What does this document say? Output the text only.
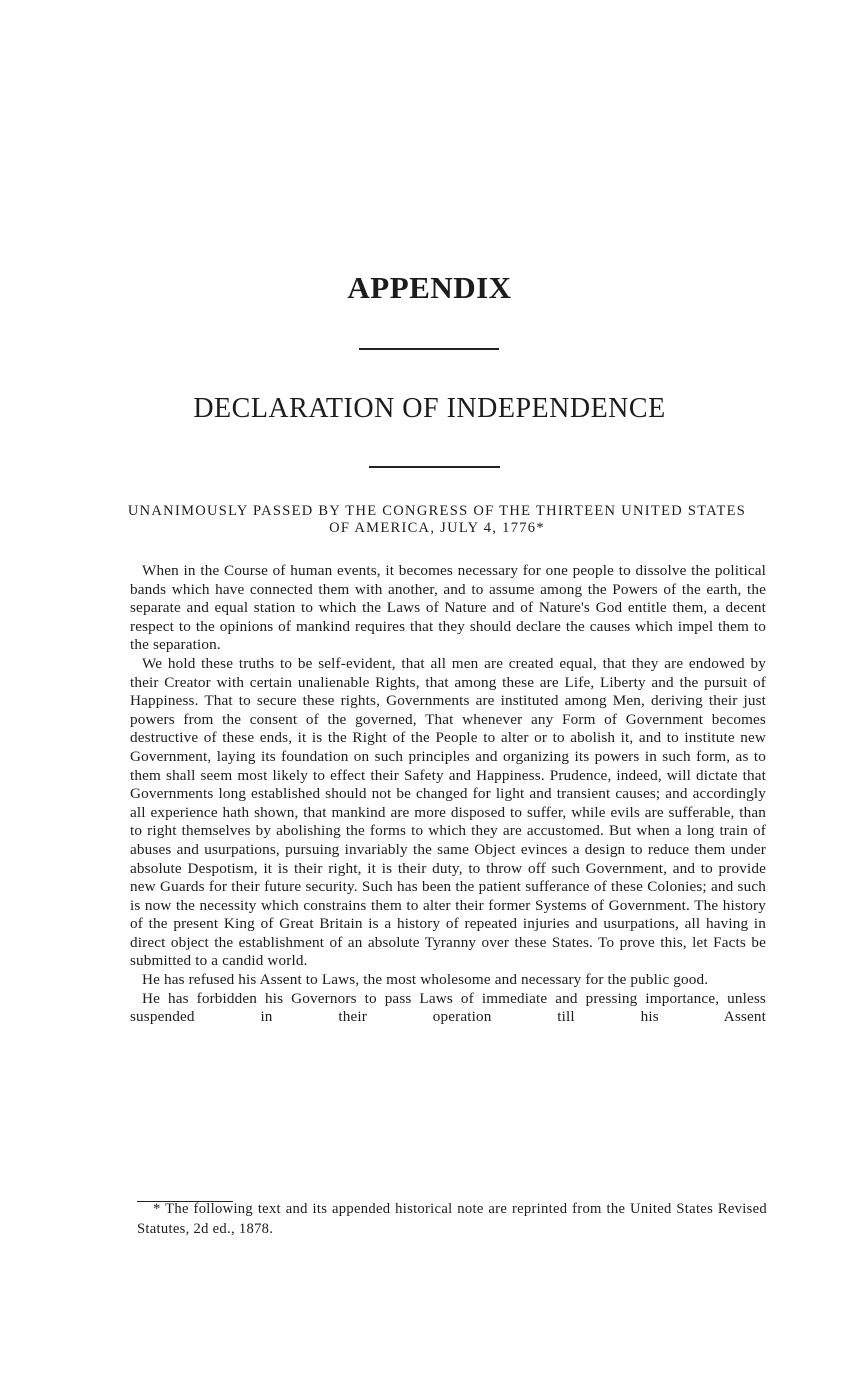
APPENDIX
DECLARATION OF INDEPENDENCE
UNANIMOUSLY PASSED BY THE CONGRESS OF THE THIRTEEN UNITED STATES OF AMERICA, JULY 4, 1776*

When in the Course of human events, it becomes necessary for one people to dissolve the political bands which have connected them with another, and to assume among the Powers of the earth, the separate and equal station to which the Laws of Nature and of Nature's God entitle them, a decent respect to the opinions of mankind requires that they should declare the causes which impel them to the separation.

We hold these truths to be self-evident, that all men are created equal, that they are endowed by their Creator with certain unalienable Rights, that among these are Life, Liberty and the pursuit of Happiness. That to secure these rights, Governments are instituted among Men, deriving their just powers from the consent of the governed, That whenever any Form of Government becomes destructive of these ends, it is the Right of the People to alter or to abolish it, and to institute new Government, laying its foundation on such principles and organizing its powers in such form, as to them shall seem most likely to effect their Safety and Happiness. Prudence, indeed, will dictate that Governments long established should not be changed for light and transient causes; and accordingly all experience hath shown, that mankind are more disposed to suffer, while evils are sufferable, than to right themselves by abolishing the forms to which they are accustomed. But when a long train of abuses and usurpations, pursuing invariably the same Object evinces a design to reduce them under absolute Despotism, it is their right, it is their duty, to throw off such Government, and to provide new Guards for their future security. Such has been the patient sufferance of these Colonies; and such is now the necessity which constrains them to alter their former Systems of Government. The history of the present King of Great Britain is a history of repeated injuries and usurpations, all having in direct object the establishment of an absolute Tyranny over these States. To prove this, let Facts be submitted to a candid world.

He has refused his Assent to Laws, the most wholesome and necessary for the public good.

He has forbidden his Governors to pass Laws of immediate and pressing importance, unless suspended in their operation till his Assent

* The following text and its appended historical note are reprinted from the United States Revised Statutes, 2d ed., 1878.
